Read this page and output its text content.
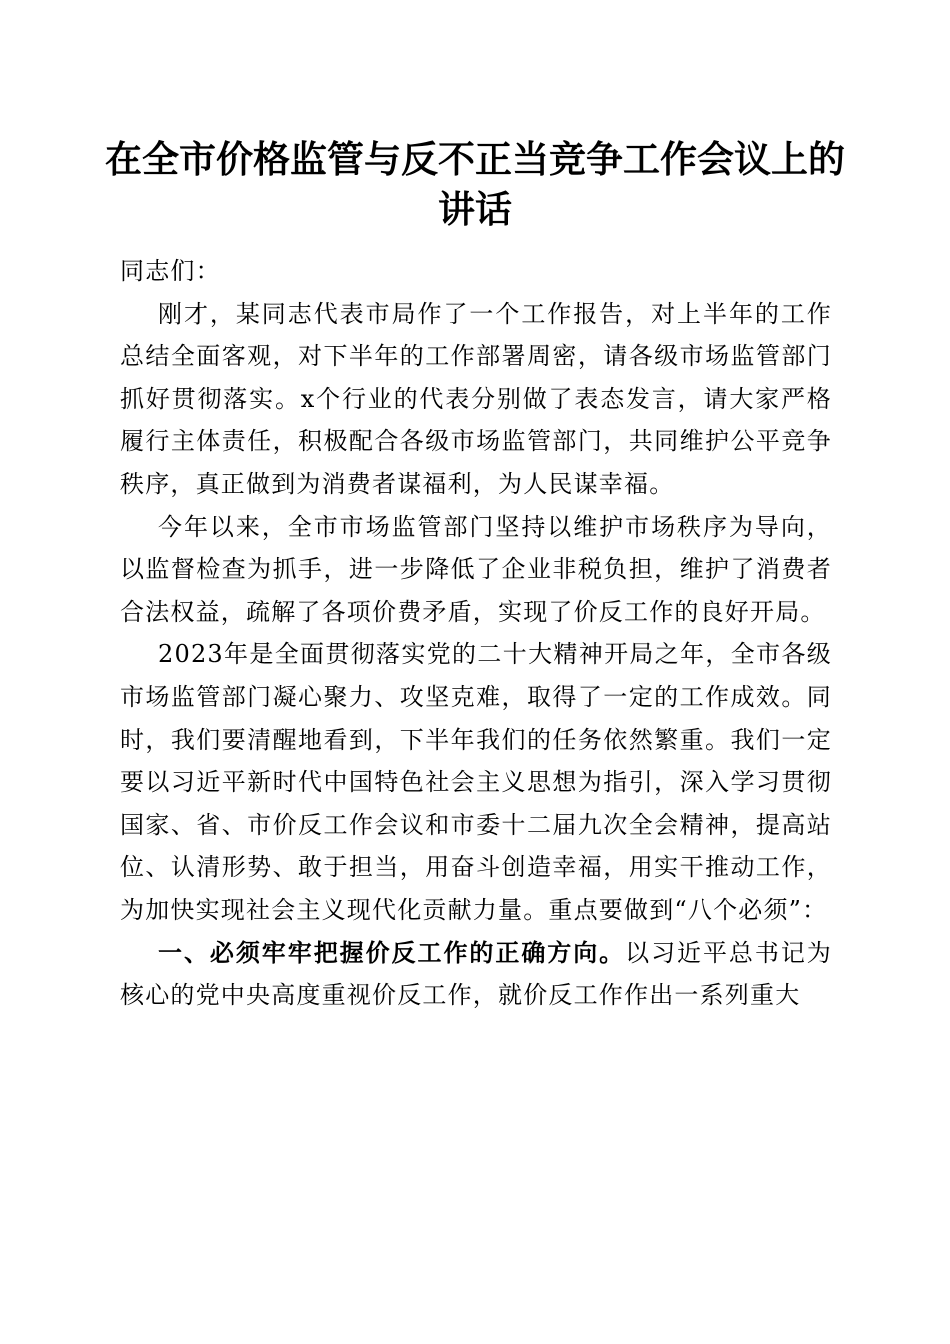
在全市价格监管与反不正当竞争工作会议上的
讲话

同志们：

刚才，某同志代表市局作了一个工作报告，对上半年的工作总结全面客观，对下半年的工作部署周密，请各级市场监管部门抓好贯彻落实。x个行业的代表分别做了表态发言，请大家严格履行主体责任，积极配合各级市场监管部门，共同维护公平竞争秩序，真正做到为消费者谋福利，为人民谋幸福。

今年以来，全市市场监管部门坚持以维护市场秩序为导向，以监督检查为抓手，进一步降低了企业非税负担，维护了消费者合法权益，疏解了各项价费矛盾，实现了价反工作的良好开局。

2023年是全面贯彻落实党的二十大精神开局之年，全市各级市场监管部门凝心聚力、攻坚克难，取得了一定的工作成效。同时，我们要清醒地看到，下半年我们的任务依然繁重。我们一定要以习近平新时代中国特色社会主义思想为指引，深入学习贯彻国家、省、市价反工作会议和市委十二届九次全会精神，提高站位、认清形势、敢于担当，用奋斗创造幸福，用实干推动工作，为加快实现社会主义现代化贡献力量。重点要做到“八个必须”：

一、必须牢牢把握价反工作的正确方向。以习近平总书记为核心的党中央高度重视价反工作，就价反工作作出一系列重大
